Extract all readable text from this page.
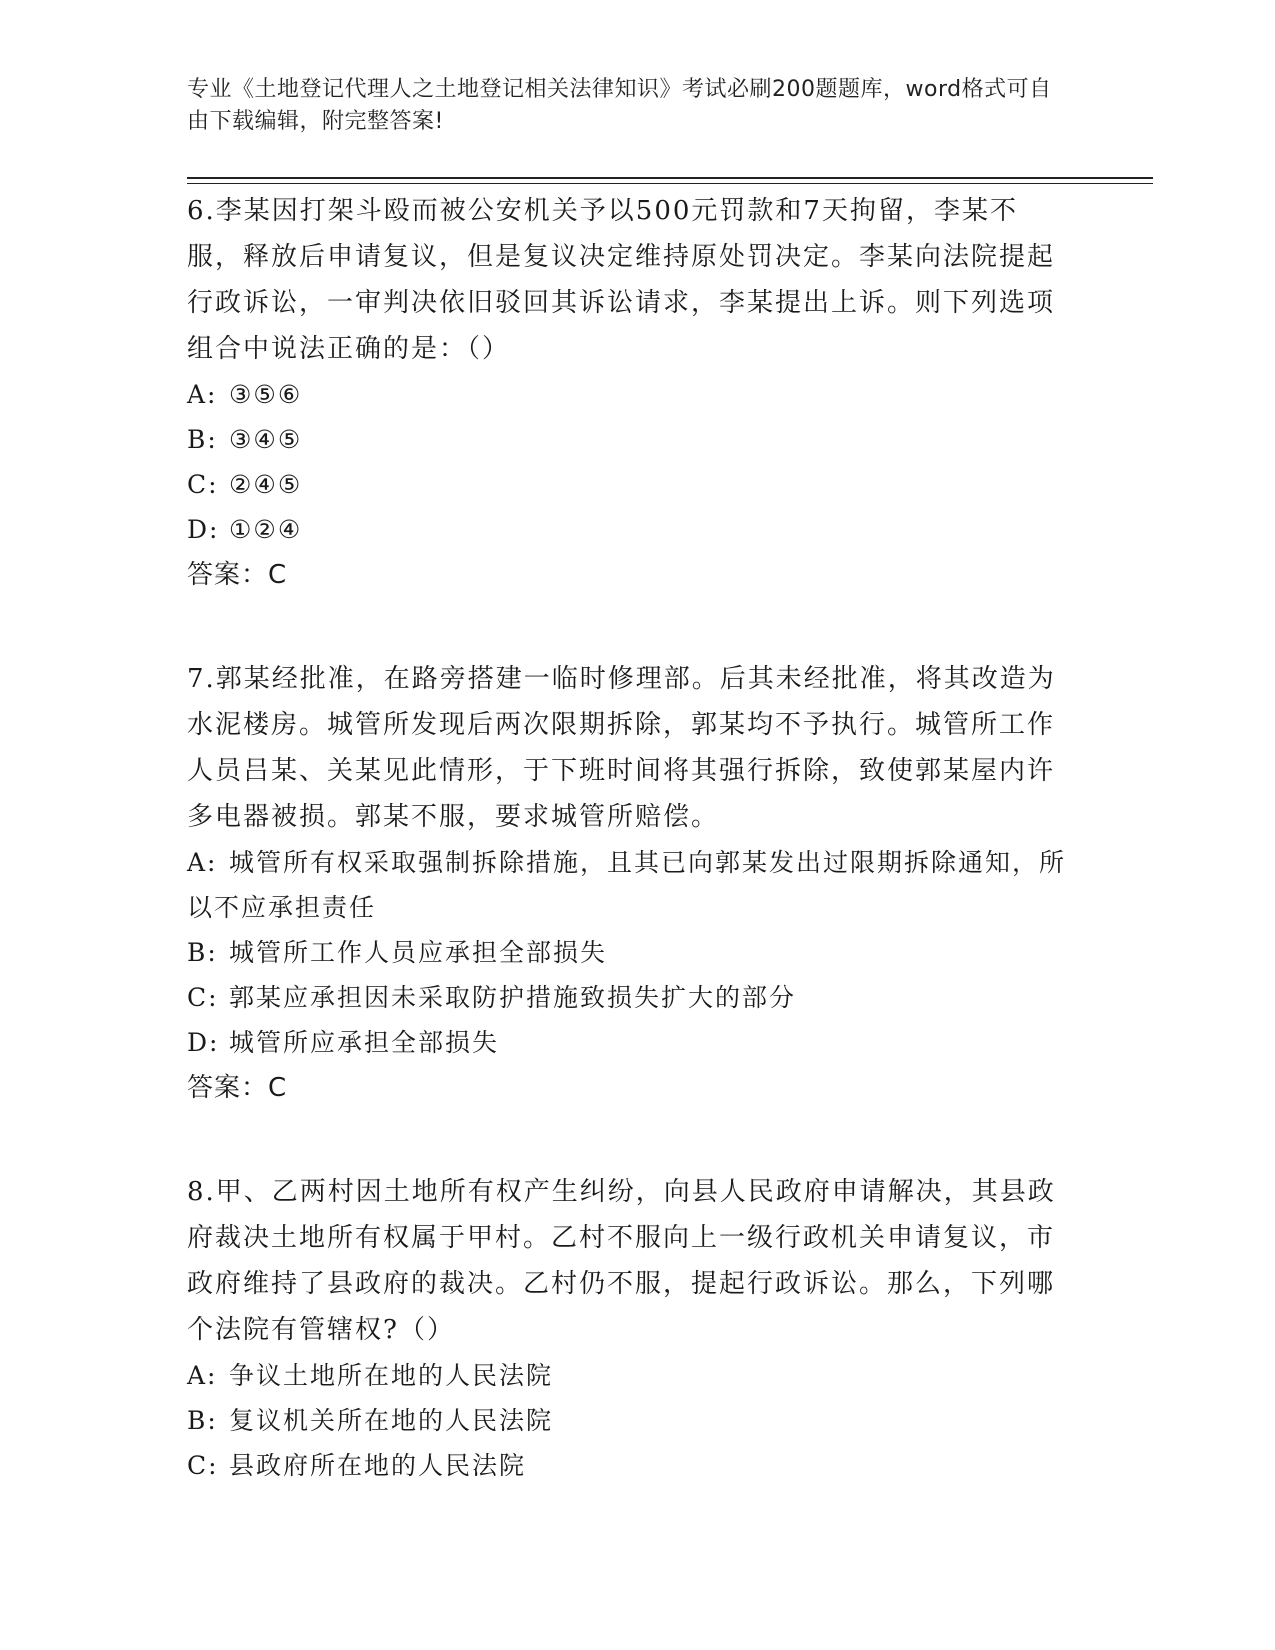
专业《土地登记代理人之土地登记相关法律知识》考试必刷200题题库，word格式可自由下载编辑，附完整答案!

6.李某因打架斗殴而被公安机关予以500元罚款和7天拘留，李某不服，释放后申请复议，但是复议决定维持原处罚决定。李某向法院提起行政诉讼，一审判决依旧驳回其诉讼请求，李某提出上诉。则下列选项组合中说法正确的是：（）

A: ③⑤⑥

B: ③④⑤

C: ②④⑤

D: ①②④

答案：C

7.郭某经批准，在路旁搭建一临时修理部。后其未经批准，将其改造为水泥楼房。城管所发现后两次限期拆除，郭某均不予执行。城管所工作人员吕某、关某见此情形，于下班时间将其强行拆除，致使郭某屋内许多电器被损。郭某不服，要求城管所赔偿。

A: 城管所有权采取强制拆除措施，且其已向郭某发出过限期拆除通知，所以不应承担责任

B: 城管所工作人员应承担全部损失

C: 郭某应承担因未采取防护措施致损失扩大的部分

D: 城管所应承担全部损失

答案：C

8.甲、乙两村因土地所有权产生纠纷，向县人民政府申请解决，其县政府裁决土地所有权属于甲村。乙村不服向上一级行政机关申请复议，市政府维持了县政府的裁决。乙村仍不服，提起行政诉讼。那么，下列哪个法院有管辖权?（）

A: 争议土地所在地的人民法院

B: 复议机关所在地的人民法院

C: 县政府所在地的人民法院
